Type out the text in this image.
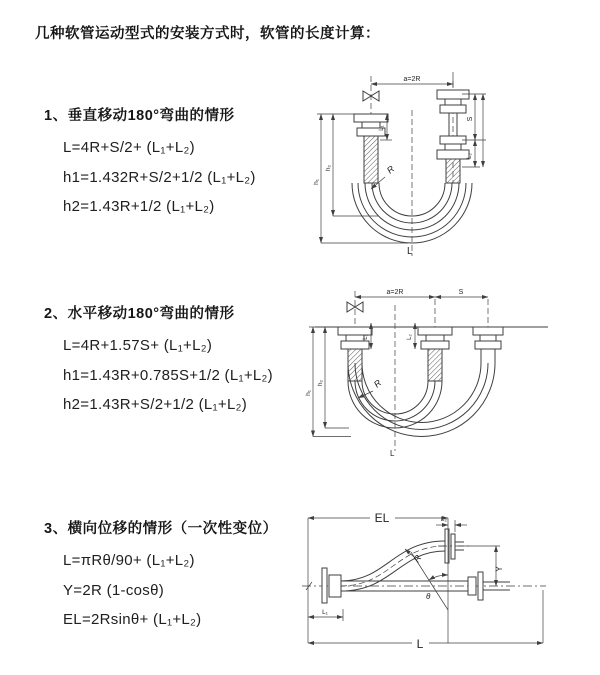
几种软管运动型式的安装方式时，软管的长度计算：
1、垂直移动180°弯曲的情形
L=4R+S/2+ (L₁+L₂)
h1=1.432R+S/2+1/2 (L₁+L₂)
h2=1.43R+1/2 (L₁+L₂)
a=2R
S
L₂
L₁
h₂
h₁
R
L
2、水平移动180°弯曲的情形
L=4R+1.57S+ (L₁+L₂)
h1=1.43R+0.785S+1/2 (L₁+L₂)
h2=1.43R+S/2+1/2 (L₁+L₂)
a=2R	S
L₁	L₂
h₂
h₁
R
L
3、横向位移的情形（一次性变位）
L=πRθ/90+ (L₁+L₂)
Y=2R (1-cosθ)
EL=2Rsinθ+ (L₁+L₂)
EL	L₂
Y
R
θ
L₁
L
